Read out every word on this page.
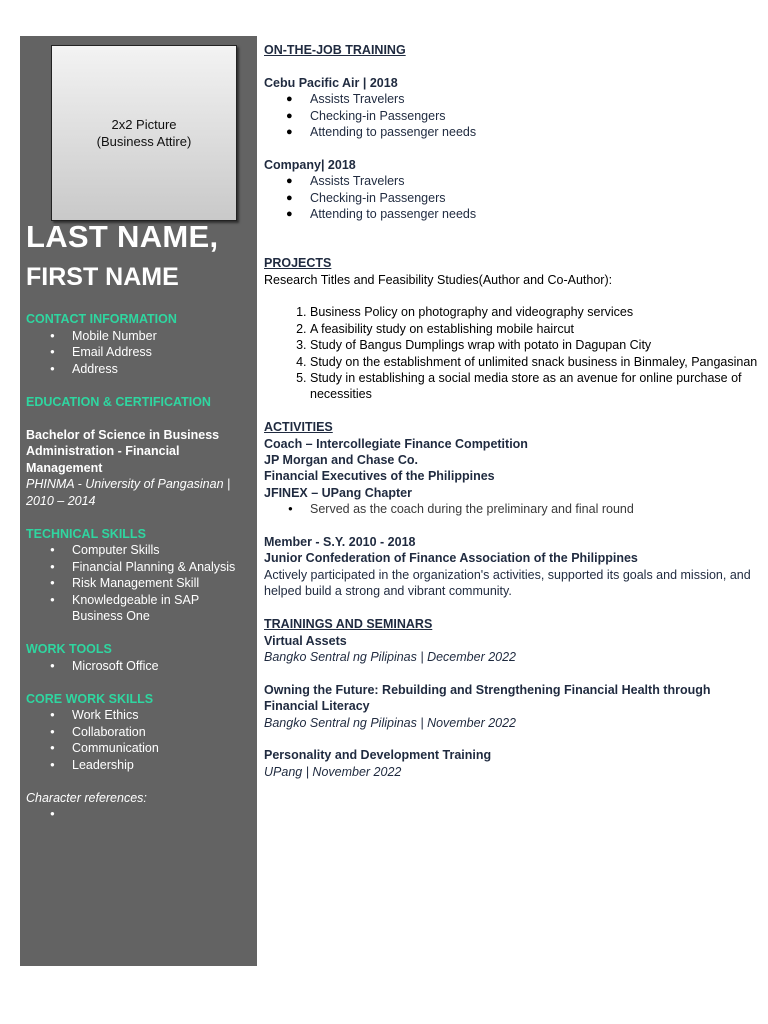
2x2 Picture
(Business Attire)
LAST NAME,
FIRST NAME

CONTACT INFORMATION

● Mobile Number
● Email Address
● Address

EDUCATION & CERTIFICATION

Bachelor of Science in Business Administration - Financial Management

PHINMA - University of Pangasinan | 2010 – 2014

TECHNICAL SKILLS

● Computer Skills
● Financial Planning & Analysis
● Risk Management Skill
● Knowledgeable in SAP Business One

WORK TOOLS

● Microsoft Office

CORE WORK SKILLS

● Work Ethics
● Collaboration
● Communication
● Leadership

Character references:

●

ON-THE-JOB TRAINING

Cebu Pacific Air | 2018

● Assists Travelers
● Checking-in Passengers
● Attending to passenger needs

Company| 2018

● Assists Travelers
● Checking-in Passengers
● Attending to passenger needs

PROJECTS

Research Titles and Feasibility Studies(Author and Co-Author):

1. Business Policy on photography and videography services
2. A feasibility study on establishing mobile haircut
3. Study of Bangus Dumplings wrap with potato in Dagupan City
4. Study on the establishment of unlimited snack business in Binmaley, Pangasinan
5. Study in establishing a social media store as an avenue for online purchase of necessities

ACTIVITIES

Coach – Intercollegiate Finance Competition

JP Morgan and Chase Co.

Financial Executives of the Philippines

JFINEX – UPang Chapter

● Served as the coach during the preliminary and final round

Member - S.Y. 2010 - 2018

Junior Confederation of Finance Association of the Philippines

Actively participated in the organization's activities, supported its goals and mission, and helped build a strong and vibrant community.

TRAININGS AND SEMINARS

Virtual Assets

Bangko Sentral ng Pilipinas | December 2022

Owning the Future: Rebuilding and Strengthening Financial Health through Financial Literacy

Bangko Sentral ng Pilipinas | November 2022

Personality and Development Training

UPang | November 2022
